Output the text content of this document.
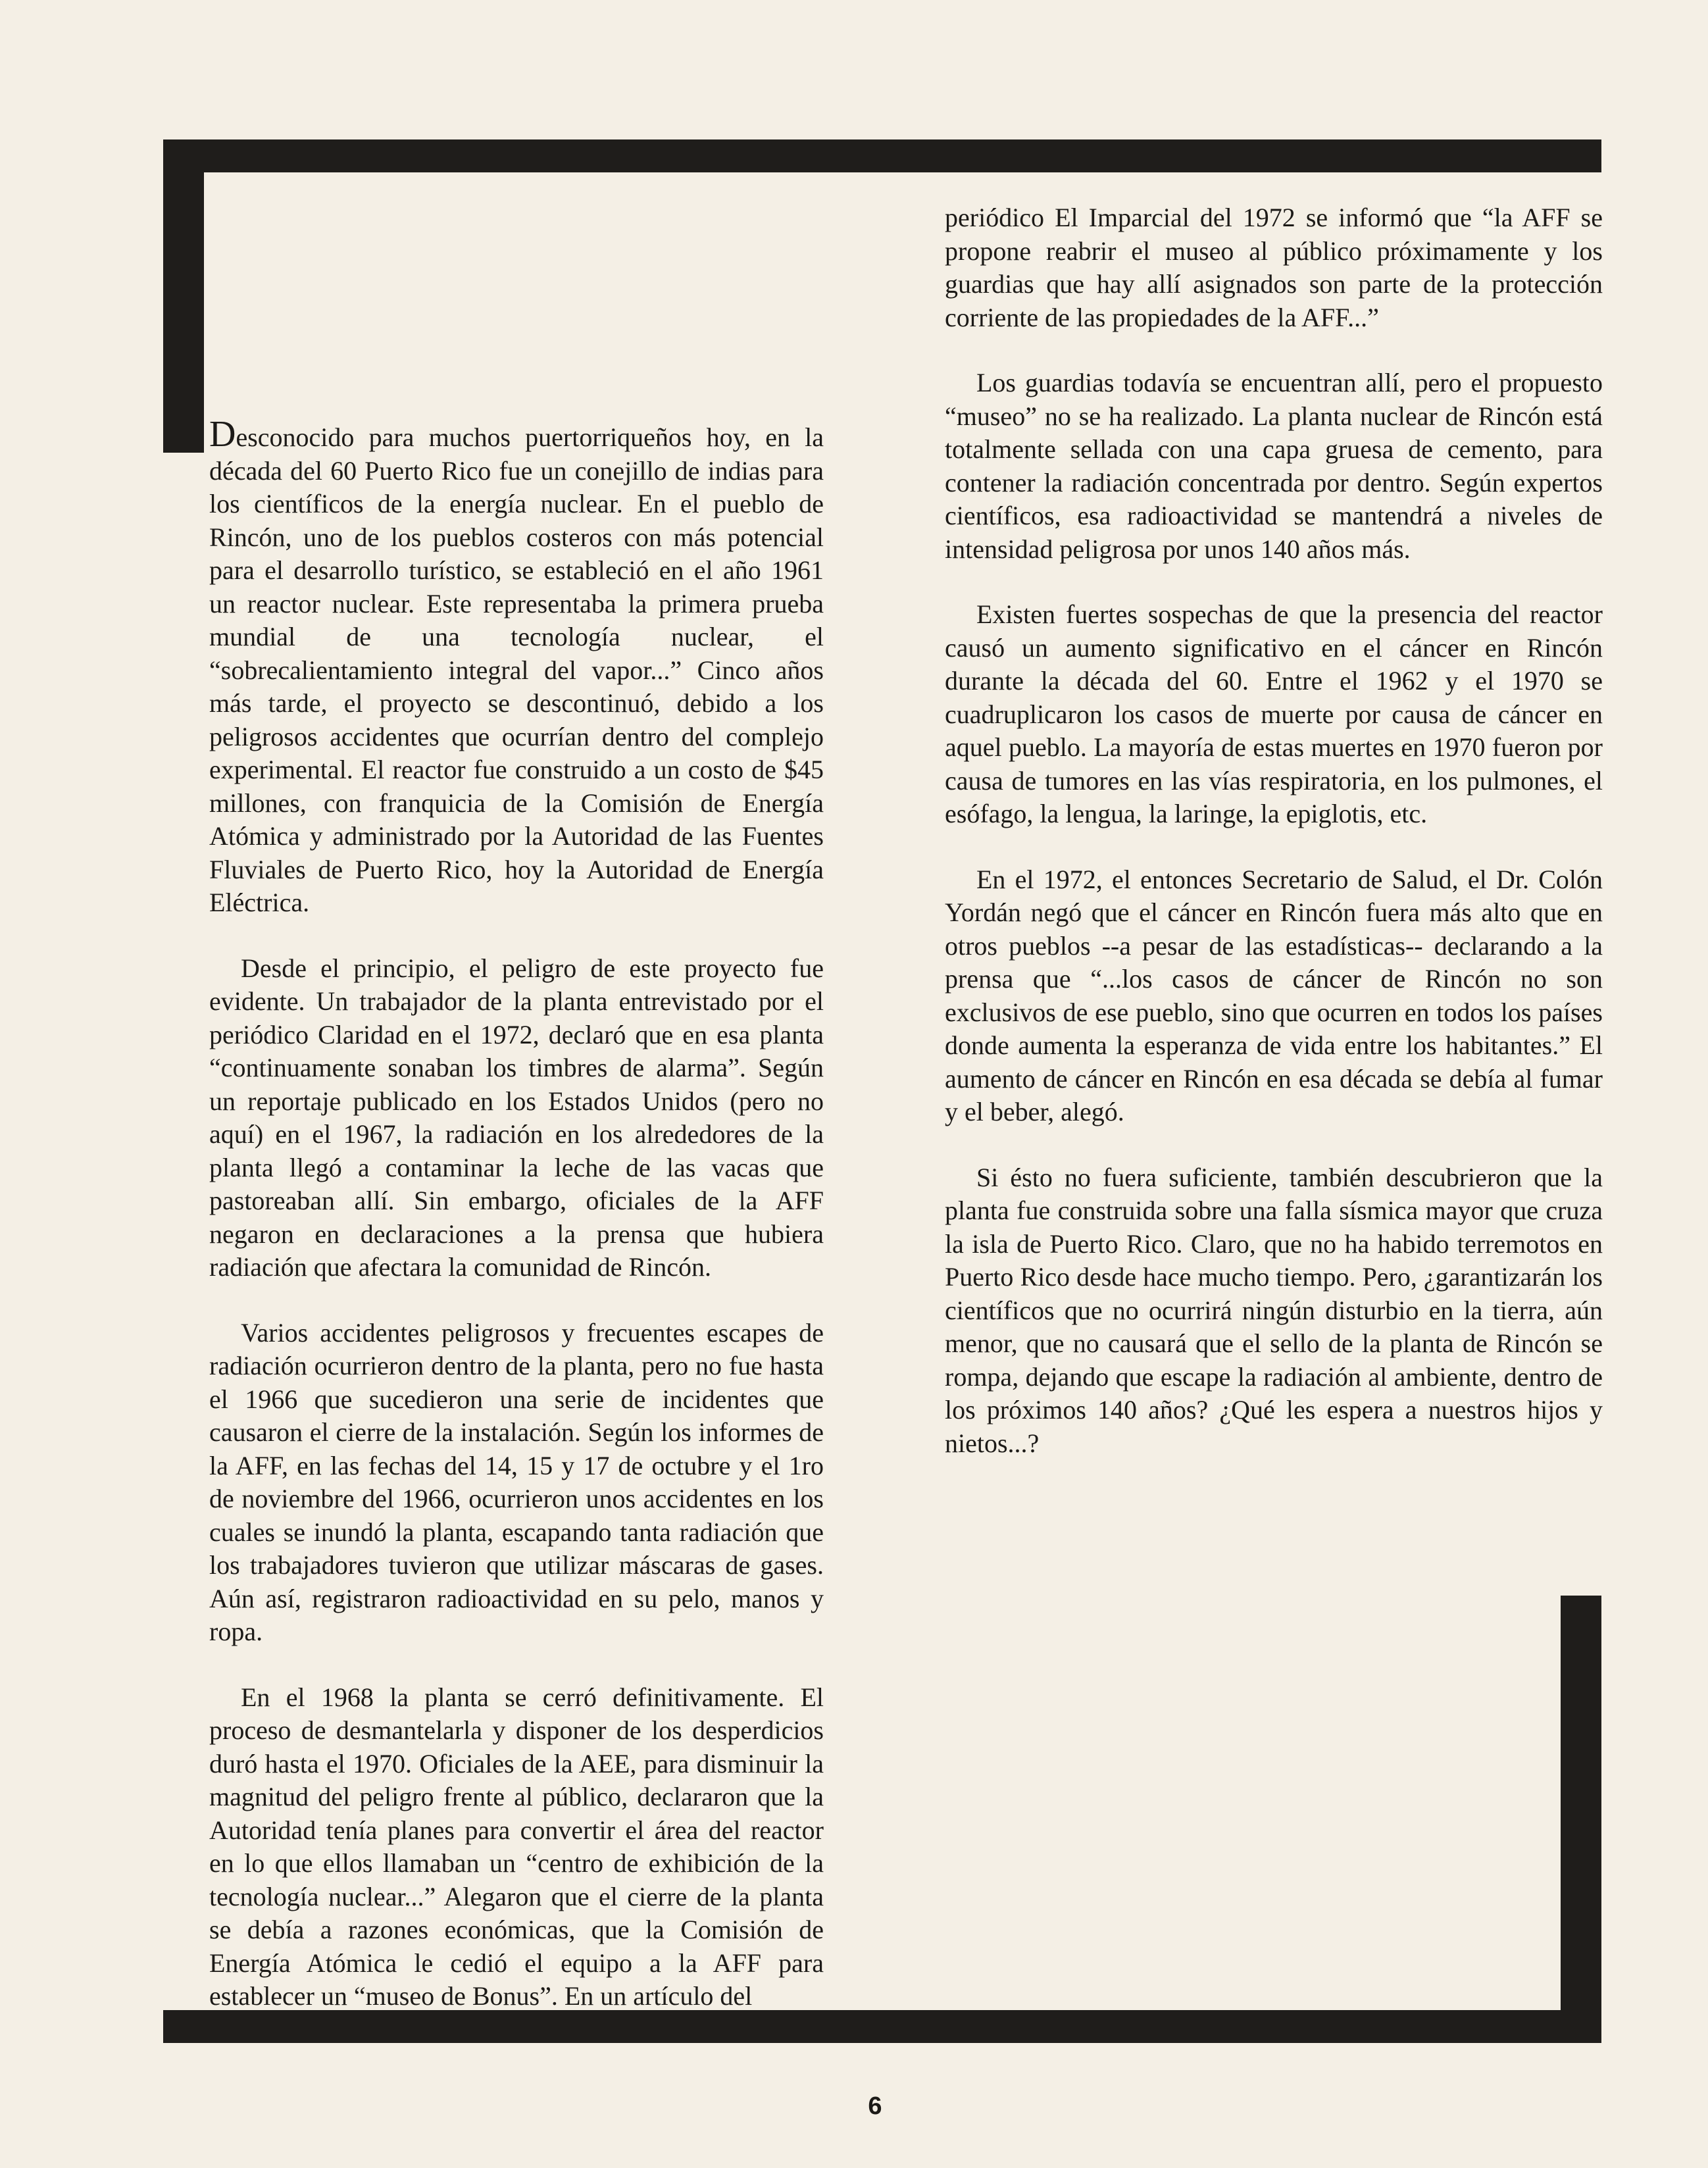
Desconocido para muchos puertorriqueños hoy, en la década del 60 Puerto Rico fue un conejillo de indias para los científicos de la energía nuclear. En el pueblo de Rincón, uno de los pueblos costeros con más potencial para el desarrollo turístico, se estableció en el año 1961 un reactor nuclear. Este representaba la primera prueba mundial de una tecnología nuclear, el “sobrecalientamiento integral del vapor...” Cinco años más tarde, el proyecto se descontinuó, debido a los peligrosos accidentes que ocurrían dentro del complejo experimental. El reactor fue construido a un costo de $45 millones, con franquicia de la Comisión de Energía Atómica y administrado por la Autoridad de las Fuentes Fluviales de Puerto Rico, hoy la Autoridad de Energía Eléctrica.

Desde el principio, el peligro de este proyecto fue evidente. Un trabajador de la planta entrevistado por el periódico Claridad en el 1972, declaró que en esa planta “continuamente sonaban los timbres de alarma”. Según un reportaje publicado en los Estados Unidos (pero no aquí) en el 1967, la radiación en los alrededores de la planta llegó a contaminar la leche de las vacas que pastoreaban allí. Sin embargo, oficiales de la AFF negaron en declaraciones a la prensa que hubiera radiación que afectara la comunidad de Rincón.

Varios accidentes peligrosos y frecuentes escapes de radiación ocurrieron dentro de la planta, pero no fue hasta el 1966 que sucedieron una serie de incidentes que causaron el cierre de la instalación. Según los informes de la AFF, en las fechas del 14, 15 y 17 de octubre y el 1ro de noviembre del 1966, ocurrieron unos accidentes en los cuales se inundó la planta, escapando tanta radiación que los trabajadores tuvieron que utilizar máscaras de gases. Aún así, registraron radioactividad en su pelo, manos y ropa.

En el 1968 la planta se cerró definitivamente. El proceso de desmantelarla y disponer de los desperdicios duró hasta el 1970. Oficiales de la AEE, para disminuir la magnitud del peligro frente al público, declararon que la Autoridad tenía planes para convertir el área del reactor en lo que ellos llamaban un “centro de exhibición de la tecnología nuclear...” Alegaron que el cierre de la planta se debía a razones económicas, que la Comisión de Energía Atómica le cedió el equipo a la AFF para establecer un “museo de Bonus”. En un artículo del

periódico El Imparcial del 1972 se informó que “la AFF se propone reabrir el museo al público próximamente y los guardias que hay allí asignados son parte de la protección corriente de las propiedades de la AFF...”

Los guardias todavía se encuentran allí, pero el propuesto “museo” no se ha realizado. La planta nuclear de Rincón está totalmente sellada con una capa gruesa de cemento, para contener la radiación concentrada por dentro. Según expertos científicos, esa radioactividad se mantendrá a niveles de intensidad peligrosa por unos 140 años más.

Existen fuertes sospechas de que la presencia del reactor causó un aumento significativo en el cáncer en Rincón durante la década del 60. Entre el 1962 y el 1970 se cuadruplicaron los casos de muerte por causa de cáncer en aquel pueblo. La mayoría de estas muertes en 1970 fueron por causa de tumores en las vías respiratoria, en los pulmones, el esófago, la lengua, la laringe, la epiglotis, etc.

En el 1972, el entonces Secretario de Salud, el Dr. Colón Yordán negó que el cáncer en Rincón fuera más alto que en otros pueblos --a pesar de las estadísticas-- declarando a la prensa que “...los casos de cáncer de Rincón no son exclusivos de ese pueblo, sino que ocurren en todos los países donde aumenta la esperanza de vida entre los habitantes.” El aumento de cáncer en Rincón en esa década se debía al fumar y el beber, alegó.

Si ésto no fuera suficiente, también descubrieron que la planta fue construida sobre una falla sísmica mayor que cruza la isla de Puerto Rico. Claro, que no ha habido terremotos en Puerto Rico desde hace mucho tiempo. Pero, ¿garantizarán los científicos que no ocurrirá ningún disturbio en la tierra, aún menor, que no causará que el sello de la planta de Rincón se rompa, dejando que escape la radiación al ambiente, dentro de los próximos 140 años? ¿Qué les espera a nuestros hijos y nietos...?

6
